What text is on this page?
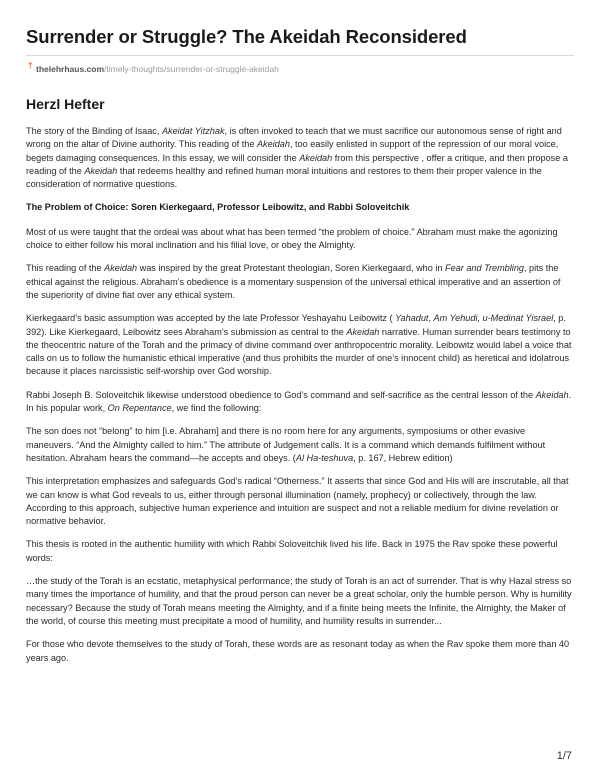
Surrender or Struggle? The Akeidah Reconsidered
† thelehrhaus.com/timely-thoughts/surrender-or-struggle-akeidah
Herzl Hefter

The story of the Binding of Isaac, Akeidat Yitzhak, is often invoked to teach that we must sacrifice our autonomous sense of right and wrong on the altar of Divine authority. This reading of the Akeidah, too easily enlisted in support of the repression of our moral voice, begets damaging consequences. In this essay, we will consider the Akeidah from this perspective , offer a critique, and then propose a reading of the Akeidah that redeems healthy and refined human moral intuitions and restores to them their proper valence in the consideration of normative questions.

The Problem of Choice: Soren Kierkegaard, Professor Leibowitz, and Rabbi Soloveitchik

Most of us were taught that the ordeal was about what has been termed “the problem of choice.” Abraham must make the agonizing choice to either follow his moral inclination and his filial love, or obey the Almighty.

This reading of the Akeidah was inspired by the great Protestant theologian, Soren Kierkegaard, who in Fear and Trembling, pits the ethical against the religious. Abraham’s obedience is a momentary suspension of the universal ethical imperative and an assertion of the superiority of divine fiat over any ethical system.

Kierkegaard’s basic assumption was accepted by the late Professor Yeshayahu Leibowitz ( Yahadut, Am Yehudi, u-Medinat Yisrael, p. 392). Like Kierkegaard, Leibowitz sees Abraham’s submission as central to the Akeidah narrative. Human surrender bears testimony to the theocentric nature of the Torah and the primacy of divine command over anthropocentric morality. Leibowitz would label a voice that calls on us to follow the humanistic ethical imperative (and thus prohibits the murder of one’s innocent child) as heretical and idolatrous because it places narcissistic self-worship over God worship.

Rabbi Joseph B. Soloveitchik likewise understood obedience to God’s command and self-sacrifice as the central lesson of the Akeidah. In his popular work, On Repentance, we find the following:

The son does not “belong” to him [i.e. Abraham] and there is no room here for any arguments, symposiums or other evasive maneuvers. “And the Almighty called to him.” The attribute of Judgement calls. It is a command which demands fulfilment without hesitation. Abraham hears the command—he accepts and obeys. (Al Ha-teshuva, p. 167, Hebrew edition)

This interpretation emphasizes and safeguards God’s radical “Otherness.” It asserts that since God and His will are inscrutable, all that we can know is what God reveals to us, either through personal illumination (namely, prophecy) or collectively, through the law. According to this approach, subjective human experience and intuition are suspect and not a reliable medium for divine revelation or normative behavior.

This thesis is rooted in the authentic humility with which Rabbi Soloveitchik lived his life. Back in 1975 the Rav spoke these powerful words:

…the study of the Torah is an ecstatic, metaphysical performance; the study of Torah is an act of surrender. That is why Hazal stress so many times the importance of humility, and that the proud person can never be a great scholar, only the humble person. Why is humility necessary? Because the study of Torah means meeting the Almighty, and if a finite being meets the Infinite, the Almighty, the Maker of the world, of course this meeting must precipitate a mood of humility, and humility results in surrender...

For those who devote themselves to the study of Torah, these words are as resonant today as when the Rav spoke them more than 40 years ago.

1/7
